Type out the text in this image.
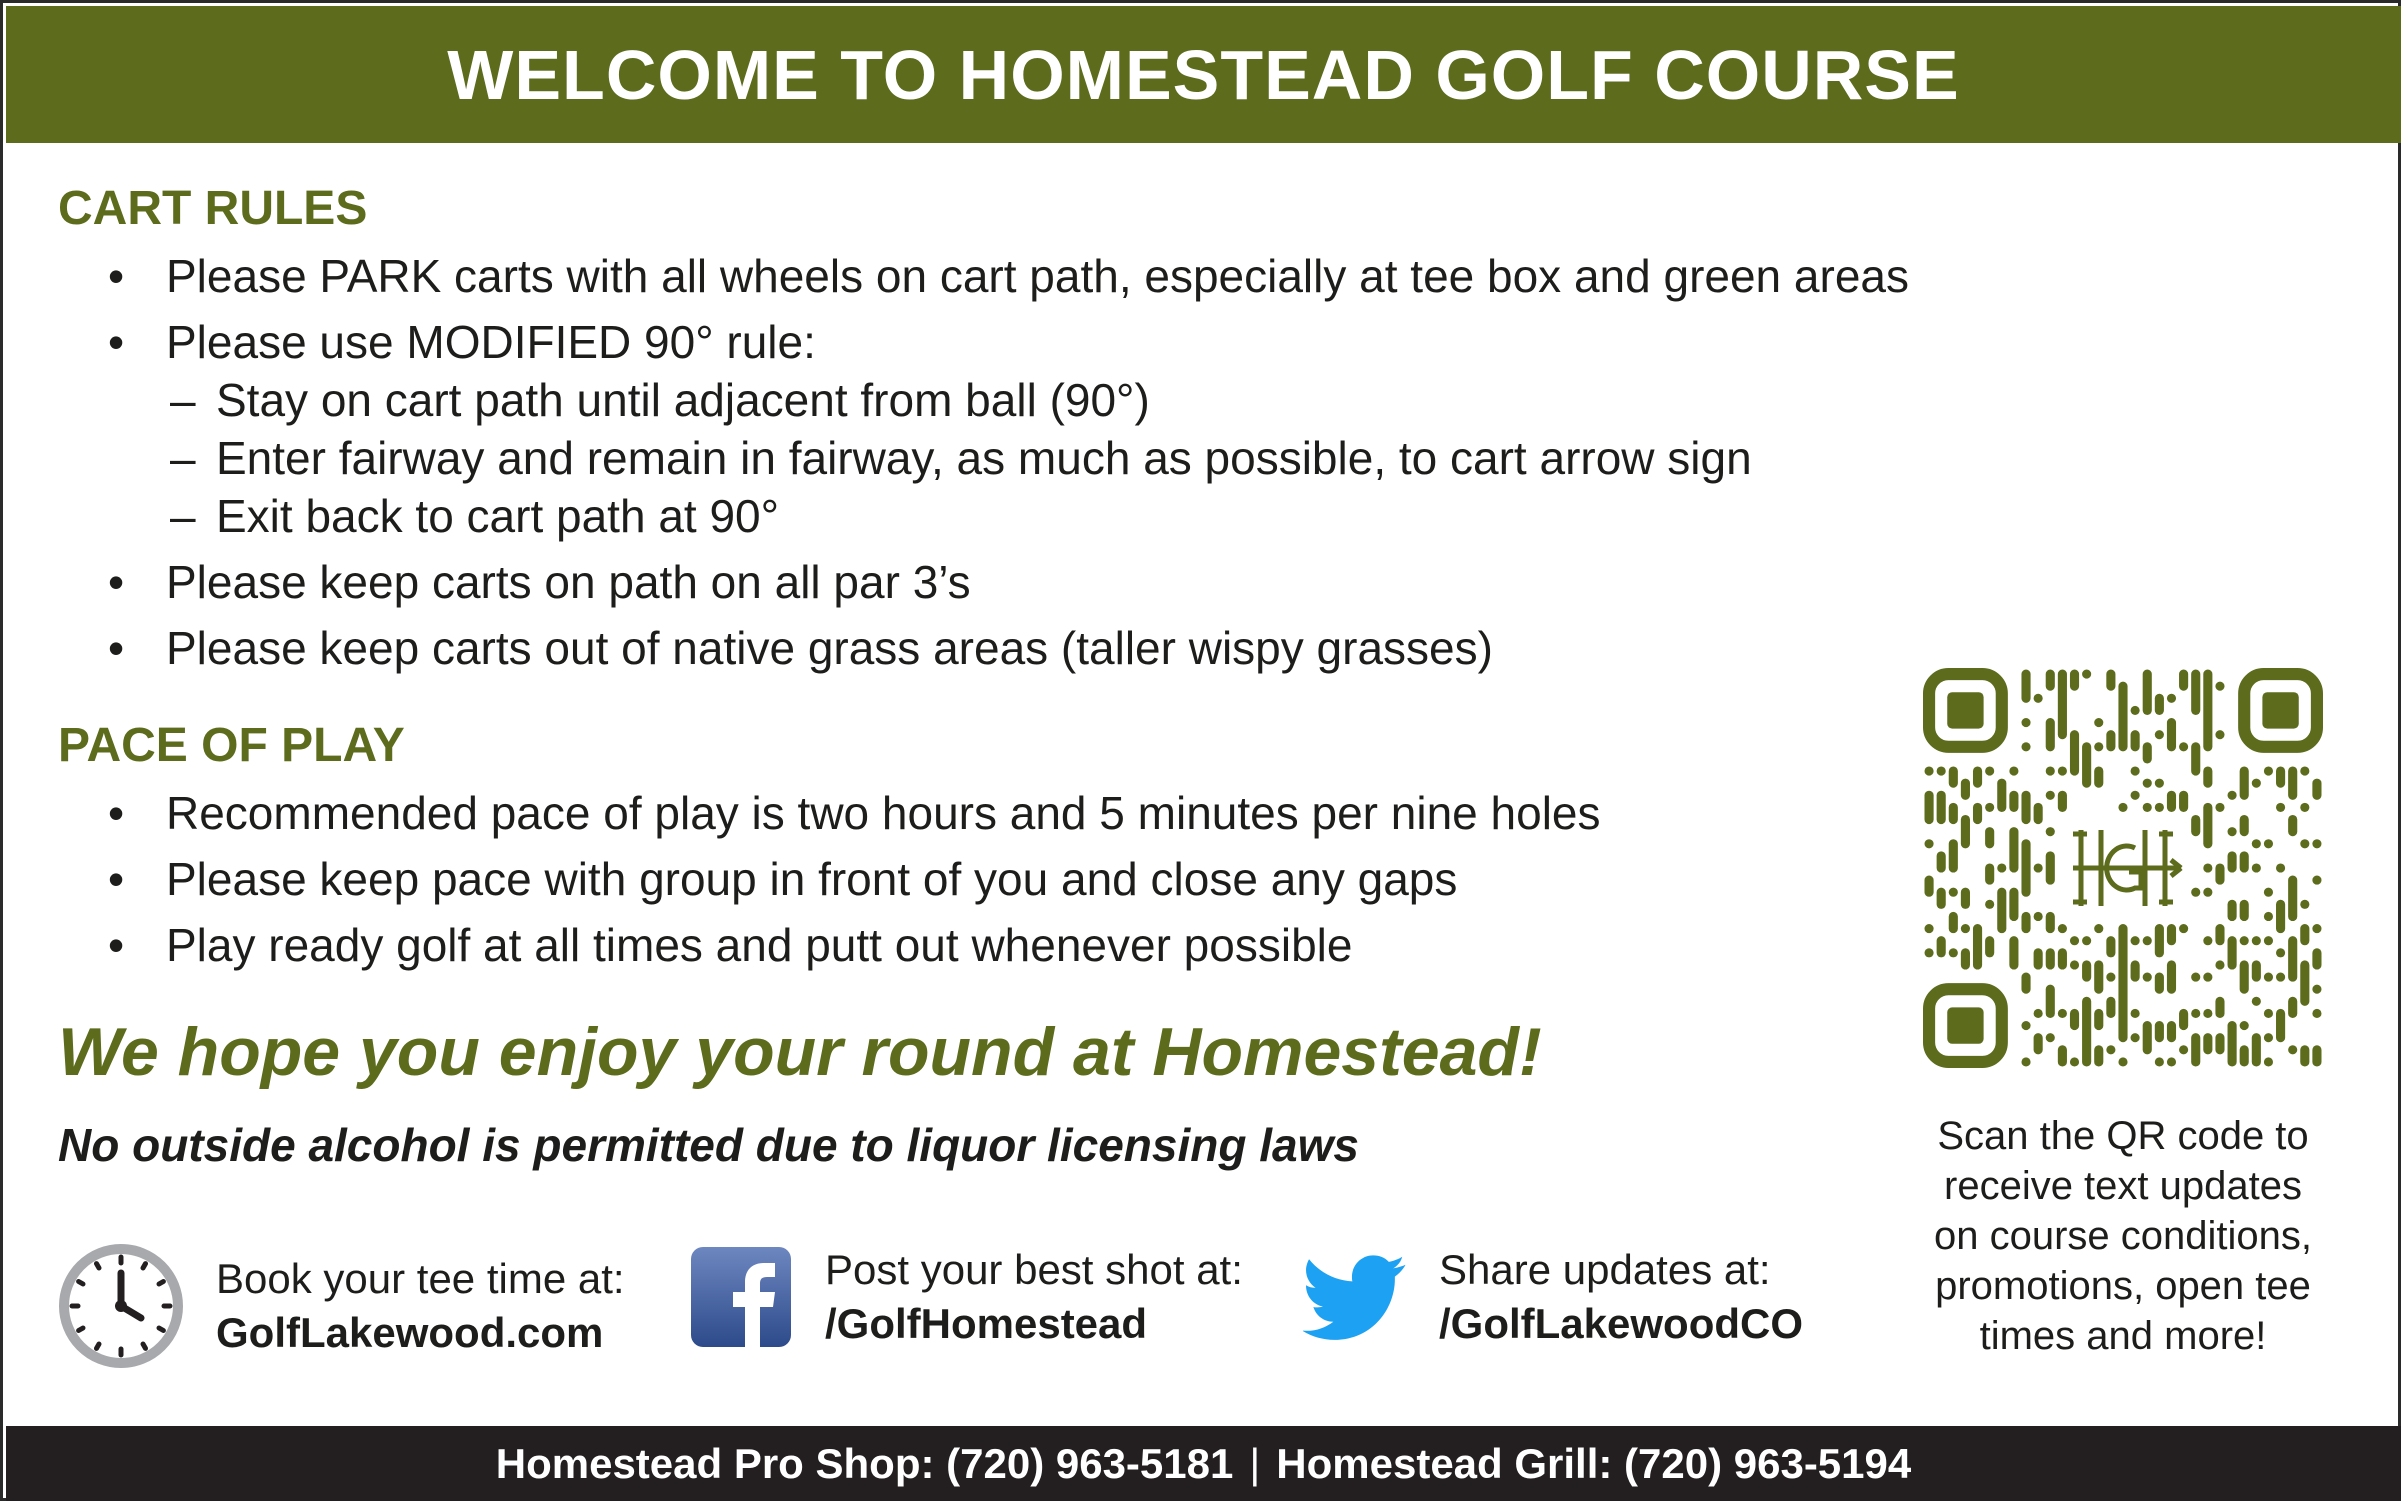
WELCOME TO HOMESTEAD GOLF COURSE
CART RULES
• Please PARK carts with all wheels on cart path, especially at tee box and green areas
• Please use MODIFIED 90° rule:
– Stay on cart path until adjacent from ball (90°)
– Enter fairway and remain in fairway, as much as possible, to cart arrow sign
– Exit back to cart path at 90°
• Please keep carts on path on all par 3’s
• Please keep carts out of native grass areas (taller wispy grasses)
PACE OF PLAY
• Recommended pace of play is two hours and 5 minutes per nine holes
• Please keep pace with group in front of you and close any gaps
• Play ready golf at all times and putt out whenever possible
We hope you enjoy your round at Homestead!
No outside alcohol is permitted due to liquor licensing laws
Book your tee time at:
GolfLakewood.com
Post your best shot at:
/GolfHomestead
Share updates at:
/GolfLakewoodCO
Scan the QR code to
receive text updates
on course conditions,
promotions, open tee
times and more!
Homestead Pro Shop: (720) 963-5181 | Homestead Grill: (720) 963-5194
